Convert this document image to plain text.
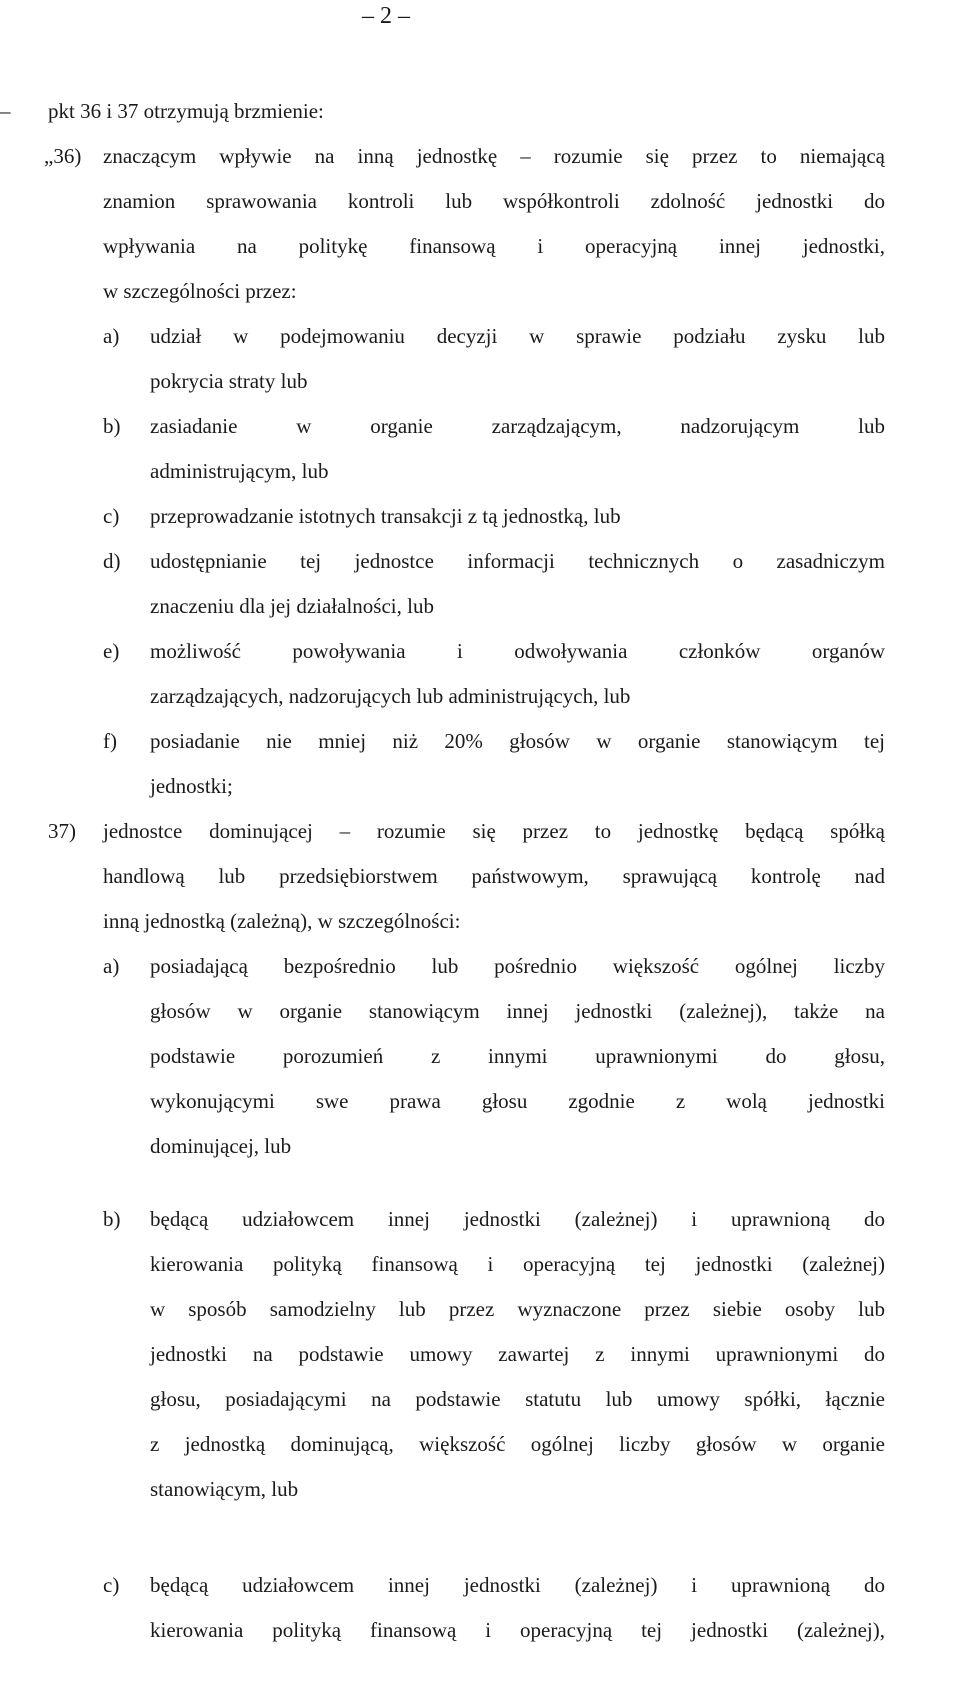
– 2 –
– pkt 36 i 37 otrzymują brzmienie:
„36) znaczącym wpływie na inną jednostkę – rozumie się przez to niemającą
znamion sprawowania kontroli lub współkontroli zdolność jednostki do
wpływania na politykę finansową i operacyjną innej jednostki,
w szczególności przez:
a) udział w podejmowaniu decyzji w sprawie podziału zysku lub
pokrycia straty lub
b) zasiadanie w organie zarządzającym, nadzorującym lub
administrującym, lub
c) przeprowadzanie istotnych transakcji z tą jednostką, lub
d) udostępnianie tej jednostce informacji technicznych o zasadniczym
znaczeniu dla jej działalności, lub
e) możliwość powoływania i odwoływania członków organów
zarządzających, nadzorujących lub administrujących, lub
f) posiadanie nie mniej niż 20% głosów w organie stanowiącym tej
jednostki;
37) jednostce dominującej – rozumie się przez to jednostkę będącą spółką
handlową lub przedsiębiorstwem państwowym, sprawującą kontrolę nad
inną jednostką (zależną), w szczególności:
a) posiadającą bezpośrednio lub pośrednio większość ogólnej liczby
głosów w organie stanowiącym innej jednostki (zależnej), także na
podstawie porozumień z innymi uprawnionymi do głosu,
wykonującymi swe prawa głosu zgodnie z wolą jednostki
dominującej, lub
b) będącą udziałowcem innej jednostki (zależnej) i uprawnioną do
kierowania polityką finansową i operacyjną tej jednostki (zależnej)
w sposób samodzielny lub przez wyznaczone przez siebie osoby lub
jednostki na podstawie umowy zawartej z innymi uprawnionymi do
głosu, posiadającymi na podstawie statutu lub umowy spółki, łącznie
z jednostką dominującą, większość ogólnej liczby głosów w organie
stanowiącym, lub
c) będącą udziałowcem innej jednostki (zależnej) i uprawnioną do
kierowania polityką finansową i operacyjną tej jednostki (zależnej),
